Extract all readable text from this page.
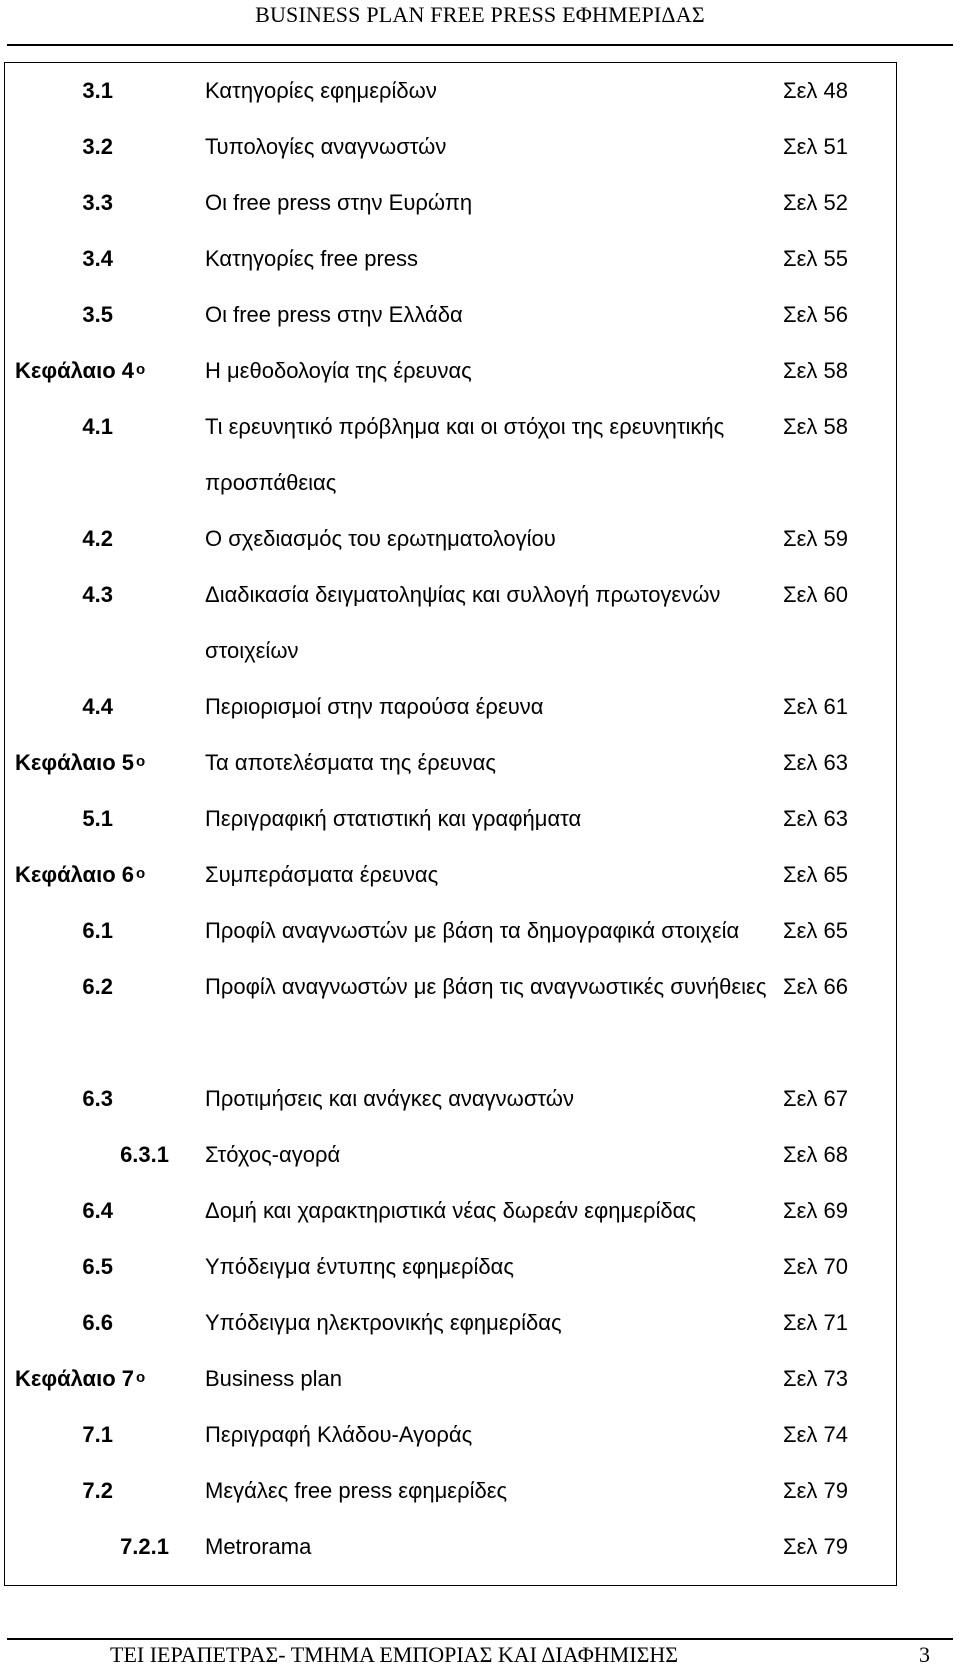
BUSINESS PLAN FREE PRESS ΕΦΗΜΕΡΙΔΑΣ
3.1	Κατηγορίες εφημερίδων	Σελ 48
3.2	Τυπολογίες αναγνωστών	Σελ 51
3.3	Οι free press στην Ευρώπη	Σελ 52
3.4	Κατηγορίες free press	Σελ 55
3.5	Οι free press στην Ελλάδα	Σελ 56
Κεφάλαιο $4^o$	Η μεθοδολογία της έρευνας	Σελ 58
4.1	Τι ερευνητικό πρόβλημα και οι στόχοι της ερευνητικής προσπάθειας
Σελ 58
4.2	Ο σχεδιασμός του ερωτηματολογίου	Σελ 59
4.3	Διαδικασία δειγματοληψίας και συλλογή πρωτογενών στοιχείων
Σελ 60
4.4	Περιορισμοί στην παρούσα έρευνα	Σελ 61
Κεφάλαιο $5^o$	Τα αποτελέσματα της έρευνας	Σελ 63
5.1	Περιγραφική στατιστική και γραφήματα	Σελ 63
Κεφάλαιο $6^o$	Συμπεράσματα έρευνας	Σελ 65
6.1	Προφίλ αναγνωστών με βάση τα δημογραφικά στοιχεία	Σελ 65
6.2	Προφίλ αναγνωστών με βάση τις αναγνωστικές συνήθειες Σελ 66
6.3	Προτιμήσεις και ανάγκες αναγνωστών	Σελ 67
6.3.1 Στόχος-αγορά	Σελ 68
6.4	Δομή και χαρακτηριστικά νέας δωρεάν εφημερίδας	Σελ 69
6.5	Υπόδειγμα έντυπης εφημερίδας	Σελ 70
6.6	Υπόδειγμα ηλεκτρονικής εφημερίδας	Σελ 71
Κεφάλαιο $7^o$	Business plan	Σελ 73
7.1	Περιγραφή Κλάδου-Αγοράς	Σελ 74
7.2	Μεγάλες free press εφημερίδες	Σελ 79
7.2.1 Metrorama	Σελ 79
ΤΕΙ ΙΕΡΑΠΕΤΡΑΣ- ΤΜΗΜΑ ΕΜΠΟΡΙΑΣ ΚΑΙ ΔΙΑΦΗΜΙΣΗΣ	3
